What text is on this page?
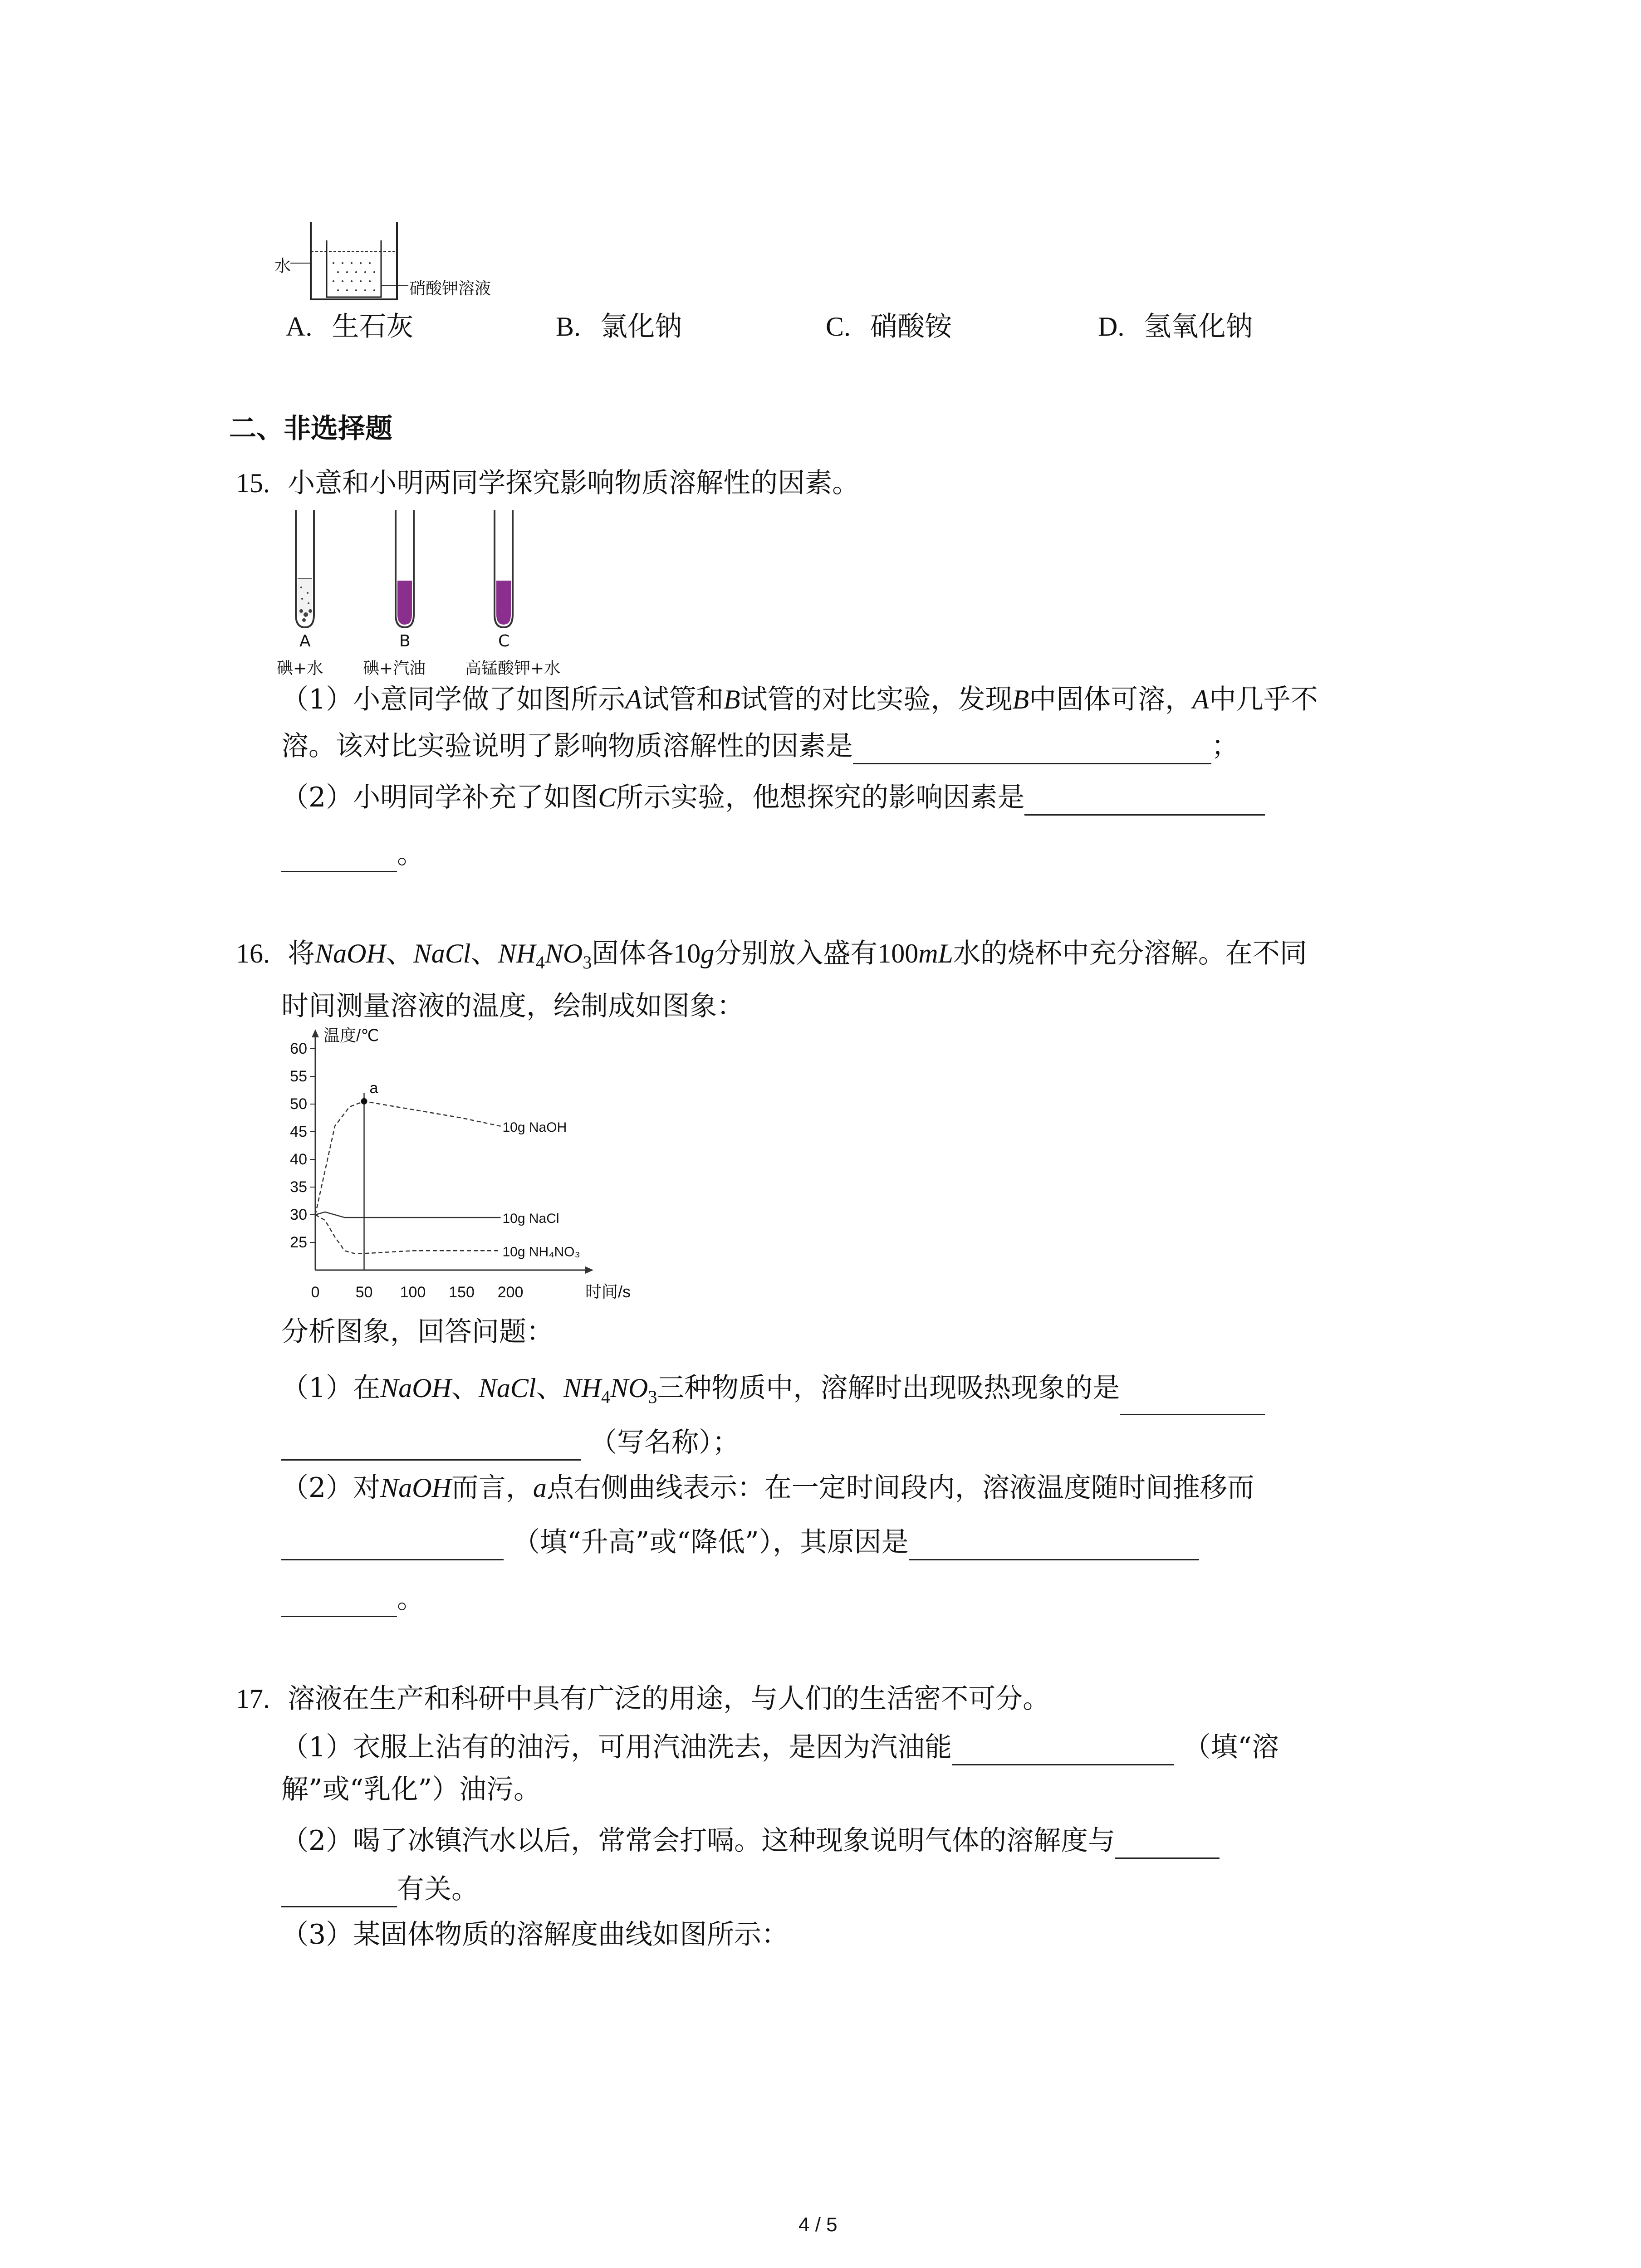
水
硝酸钾溶液
A. 生石灰	B. 氯化钠	C. 硝酸铵	D. 氢氧化钠
二、非选择题
15. 小意和小明两同学探究影响物质溶解性的因素。
A	B	C
碘+水 碘+汽油 高锰酸钾+水
（1）小意同学做了如图所示A试管和B试管的对比实验，发现B中固体可溶，A中几乎不
溶。该对比实验说明了影响物质溶解性的因素是	；
（2）小明同学补充了如图C所示实验，他想探究的影响因素是
。
16. 将NaOH、NaCl、$NH_4NO_3$固体各10g分别放入盛有100mL水的烧杯中充分溶解。在不同
时间测量溶液的温度，绘制成如图象：
温度/℃
时间/s
25
30
35
40
45
50
55
60
0 50 100 150 200
10g NaOH
10g NaCl
10g NH₄NO₃
a
分析图象，回答问题：
（1）在NaOH、NaCl、$NH_4NO_3$三种物质中，溶解时出现吸热现象的是
（写名称）；
（2）对NaOH而言，a点右侧曲线表示：在一定时间段内，溶液温度随时间推移而
（填“升高”或“降低”），其原因是
。
17. 溶液在生产和科研中具有广泛的用途，与人们的生活密不可分。
（1）衣服上沾有的油污，可用汽油洗去，是因为汽油能	（填“溶
解”或“乳化”）油污。
（2）喝了冰镇汽水以后，常常会打嗝。这种现象说明气体的溶解度与
有关。
（3）某固体物质的溶解度曲线如图所示：
4 / 5
